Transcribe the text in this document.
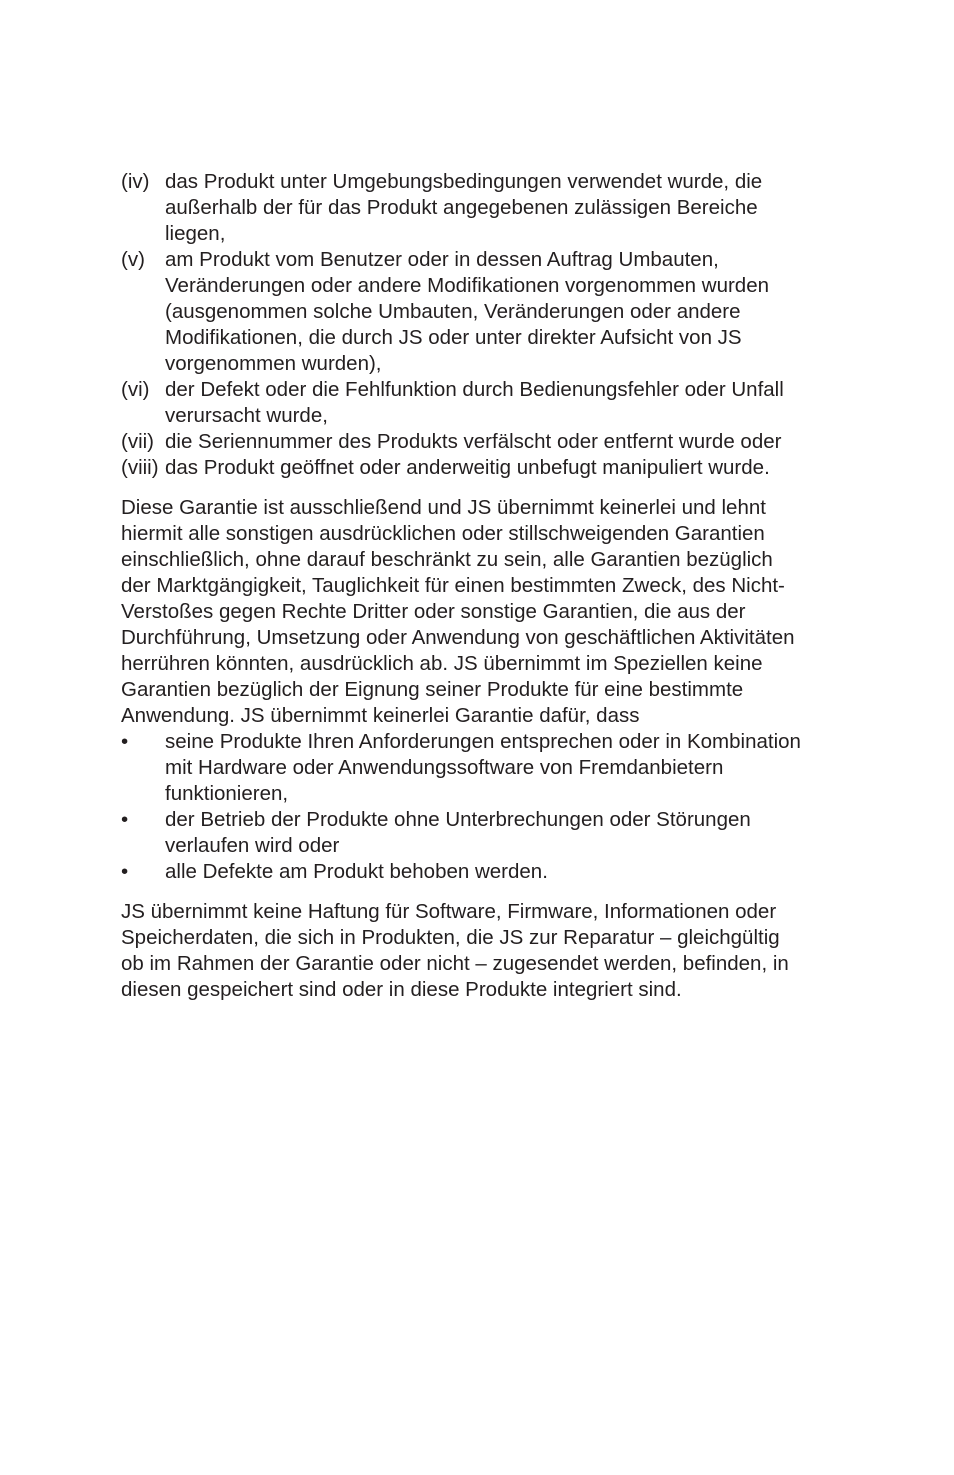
(iv) das Produkt unter Umgebungsbedingungen verwendet wurde, die außerhalb der für das Produkt angegebenen zulässigen Bereiche liegen,
(v) am Produkt vom Benutzer oder in dessen Auftrag Umbauten, Veränderungen oder andere Modifikationen vorgenommen wurden (ausgenommen solche Umbauten, Veränderungen oder andere Modifikationen, die durch JS oder unter direkter Aufsicht von JS vorgenommen wurden),
(vi) der Defekt oder die Fehlfunktion durch Bedienungsfehler oder Unfall verursacht wurde,
(vii) die Seriennummer des Produkts verfälscht oder entfernt wurde oder
(viii) das Produkt geöffnet oder anderweitig unbefugt manipuliert wurde.

Diese Garantie ist ausschließend und JS übernimmt keinerlei und lehnt hiermit alle sonstigen ausdrücklichen oder stillschweigenden Garantien einschließlich, ohne darauf beschränkt zu sein, alle Garantien bezüglich der Marktgängigkeit, Tauglichkeit für einen bestimmten Zweck, des Nicht-Verstoßes gegen Rechte Dritter oder sonstige Garantien, die aus der Durchführung, Umsetzung oder Anwendung von geschäftlichen Aktivitäten herrühren könnten, ausdrücklich ab. JS übernimmt im Speziellen keine Garantien bezüglich der Eignung seiner Produkte für eine bestimmte Anwendung. JS übernimmt keinerlei Garantie dafür, dass

•	seine Produkte Ihren Anforderungen entsprechen oder in Kombination mit Hardware oder Anwendungssoftware von Fremdanbietern funktionieren,
•	der Betrieb der Produkte ohne Unterbrechungen oder Störungen verlaufen wird oder
•	alle Defekte am Produkt behoben werden.

JS übernimmt keine Haftung für Software, Firmware, Informationen oder Speicherdaten, die sich in Produkten, die JS zur Reparatur – gleichgültig ob im Rahmen der Garantie oder nicht – zugesendet werden, befinden, in diesen gespeichert sind oder in diese Produkte integriert sind.
